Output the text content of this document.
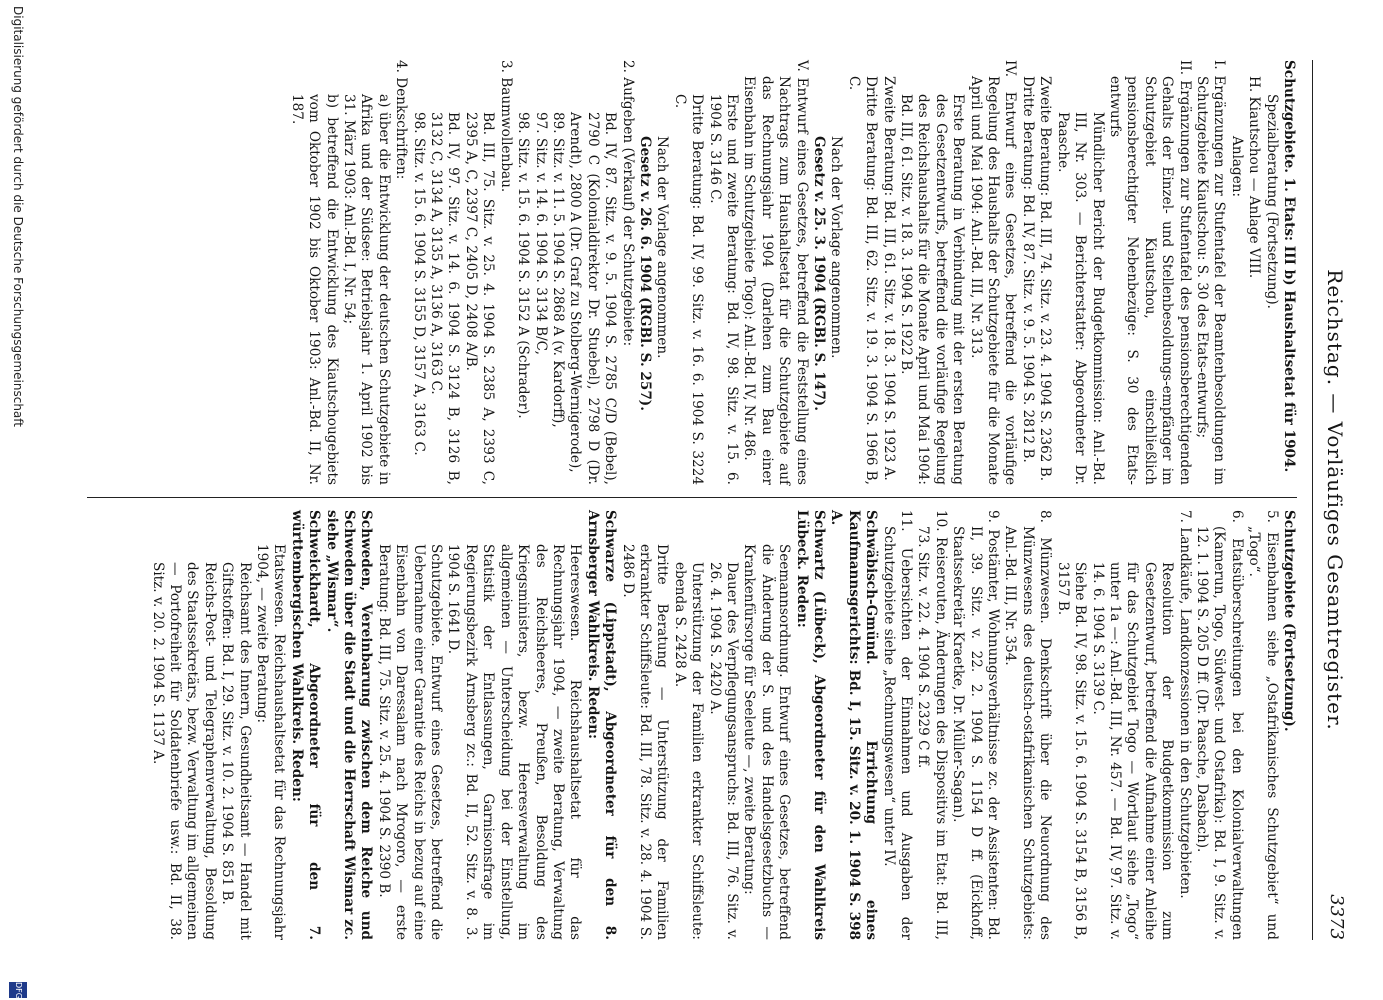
Reichstag. — Vorläufiges Gesamtregister.
3373

Schutzgebiete. 1. Etats: III b) Haushaltsetat für 1904.

Spezialberatung (Fortsetzung).

H. Kiautschou — Anlage VIII.

Anlagen:

I. Ergänzungen zur Stufentafel der Beamtenbesoldungen im Schutzgebiete Kiautschou: S. 30 des Etats-entwurfs;

II. Ergänzungen zur Stufentafel des pensionsberechtigenden Gehalts der Einzel- und Stellenbesoldungs-empfänger im Schutzgebiet Kiautschou, einschließlich pensionsberechtigter Nebenbezüge: S. 30 des Etats-entwurfs

Mündlicher Bericht der Budgetkommission: Anl.-Bd. III, Nr. 303. — Berichterstatter: Abgeordneter Dr. Paasche.

Zweite Beratung: Bd. III, 74. Sitz. v. 23. 4. 1904 S. 2362 B.

Dritte Beratung: Bd. IV, 87. Sitz. v. 9. 5. 1904 S. 2812 B.

IV. Entwurf eines Gesetzes, betreffend die vorläufige Regelung des Haushalts der Schutzgebiete für die Monate April und Mai 1904: Anl.-Bd. III, Nr. 313.

Erste Beratung in Verbindung mit der ersten Beratung des Gesetzentwurfs, betreffend die vorläufige Regelung des Reichshaushalts für die Monate April und Mai 1904: Bd. III, 61. Sitz. v. 18. 3. 1904 S. 1922 B.

Zweite Beratung: Bd. III, 61. Sitz. v. 18. 3. 1904 S. 1923 A.

Dritte Beratung: Bd. III, 62. Sitz. v. 19. 3. 1904 S. 1966 B, C.

Nach der Vorlage angenommen.

Gesetz v. 25. 3. 1904 (RGBl. S. 147).

V. Entwurf eines Gesetzes, betreffend die Feststellung eines Nachtrags zum Haushaltsetat für die Schutzgebiete auf das Rechnungsjahr 1904 (Darlehen zum Bau einer Eisenbahn im Schutzgebiete Togo): Anl.-Bd. IV, Nr. 486.

Erste und zweite Beratung: Bd. IV, 98. Sitz. v. 15. 6. 1904 S. 3146 C.

Dritte Beratung: Bd. IV, 99. Sitz. v. 16. 6. 1904 S. 3224 C.

Nach der Vorlage angenommen.

Gesetz v. 26. 6. 1904 (RGBl. S. 257).

2. Aufgeben (Verkauf) der Schutzgebiete:

Bd. IV, 87. Sitz. v. 9. 5. 1904 S. 2785 C/D (Bebel), 2790 C (Kolonialdirektor Dr. Stuebel), 2798 D (Dr. Arendt), 2800 A (Dr. Graf zu Stolberg-Wernigerode),

89. Sitz. v. 11. 5. 1904 S. 2868 A (v. Kardorff),

97. Sitz. v. 14. 6. 1904 S. 3134 B/C,

98. Sitz. v. 15. 6. 1904 S. 3152 A (Schrader).

3. Baumwollenbau.

Bd. III, 75. Sitz. v. 25. 4. 1904 S. 2385 A, 2393 C, 2395 A, C, 2397 C, 2405 D, 2408 A/B.

Bd. IV, 97. Sitz. v. 14. 6. 1904 S. 3124 B, 3126 B, 3132 C, 3134 A, 3135 A, 3136 A, 3163 C.

98. Sitz. v. 15. 6. 1904 S. 3155 D, 3157 A, 3163 C.

4. Denkschriften:

a) über die Entwicklung der deutschen Schutzgebiete in Afrika und der Südsee: Betriebsjahr 1. April 1902 bis 31. März 1903: Anl.-Bd. I, Nr. 54;

b) betreffend die Entwicklung des Kiautschougebiets vom Oktober 1902 bis Oktober 1903: Anl.-Bd. II, Nr. 187.

Schutzgebiete (Fortsetzung).

5. Eisenbahnen siehe „Ostafrikanisches Schutzgebiet“ und „Togo“.

6. Etatsüberschreitungen bei den Kolonialverwaltungen (Kamerun, Togo, Südwest- und Ostafrika): Bd. I, 9. Sitz. v. 12. 1. 1904 S. 205 D ff. (Dr. Paasche, Dasbach).

7. Landkäufe, Landkonzessionen in den Schutzgebieten.

Resolution der Budgetkommission zum Gesetzentwurf, betreffend die Aufnahme einer Anleihe für das Schutzgebiet Togo — Wortlaut siehe „Togo“ unter 1a —: Anl.-Bd. III, Nr. 457. — Bd. IV, 97. Sitz. v. 14. 6. 1904 S. 3139 C.

Siehe Bd. IV, 98. Sitz. v. 15. 6. 1904 S. 3154 B, 3156 B, 3157 B.

8. Münzwesen. Denkschrift über die Neuordnung des Münzwesens des deutsch-ostafrikanischen Schutzgebiets: Anl.-Bd. III, Nr. 354.

9. Postämter, Wohnungsverhältnisse zc. der Assistenten: Bd. II, 39. Sitz. v. 22. 2. 1904 S. 1154 D ff. (Eickhoff, Staatssekretär Kraetke, Dr. Müller-Sagan).

10. Reiserouten, Änderungen des Dispositivs im Etat: Bd. III, 73. Sitz. v. 22. 4. 1904 S. 2329 C ff.

11. Uebersichten der Einnahmen und Ausgaben der Schutzgebiete siehe „Rechnungswesen“ unter IV.

Schwäbisch-Gmünd. Errichtung eines Kaufmannsgerichts: Bd. I, 15. Sitz. v. 20. 1. 1904 S. 398 A.

Schwartz (Lübeck), Abgeordneter für den Wahlkreis Lübeck. Reden:

Seemannsordnung. Entwurf eines Gesetzes, betreffend die Änderung der S. und des Handelsgesetzbuchs — Krankenfürsorge für Seeleute —, zweite Beratung:

Dauer des Verpflegungsanspruchs: Bd. III, 76. Sitz. v. 26. 4. 1904 S. 2420 A.

Unterstützung der Familien erkrankter Schiffsleute: ebenda S. 2428 A.

Dritte Beratung — Unterstützung der Familien erkrankter Schiffsleute: Bd. III, 78. Sitz. v. 28. 4. 1904 S. 2486 D.

Schwarze (Lippstadt), Abgeordneter für den 8. Arnsberger Wahlkreis. Reden:

Heereswesen. Reichshaushaltsetat für das Rechnungsjahr 1904, — zweite Beratung, Verwaltung des Reichsheeres, Preußen, Besoldung des Kriegsministers, bezw. Heeresverwaltung im allgemeinen — Unterscheidung bei der Einstellung, Statistik der Entlassungen, Garnisonsfrage im Regierungsbezirk Arnsberg zc.: Bd. II, 52. Sitz. v. 8. 3. 1904 S. 1641 D.

Schutzgebiete. Entwurf eines Gesetzes, betreffend die Uebernahme einer Garantie des Reichs in bezug auf eine Eisenbahn von Daressalam nach Mrogoro, — erste Beratung: Bd. III, 75. Sitz. v. 25. 4. 1904 S. 2390 B.

Schweden, Vereinbarung zwischen dem Reiche und Schweden über die Stadt und die Herrschaft Wismar zc. siehe „Wismar“.

Schweickhardt, Abgeordneter für den 7. württembergischen Wahlkreis. Reden:

Etatswesen. Reichshaushaltsetat für das Rechnungsjahr 1904, — zweite Beratung:

Reichsamt des Innern, Gesundheitsamt — Handel mit Giftstoffen: Bd. I, 29. Sitz. v. 10. 2. 1904 S. 851 B.

Reichs-Post- und Telegraphenverwaltung, Besoldung des Staatssekretärs, bezw. Verwaltung im allgemeinen — Portofreiheit für Soldatenbriefe usw.: Bd. II, 38. Sitz. v. 20. 2. 1904 S. 1137 A.

Digitalisierung gefördert durch die Deutsche Forschungsgemeinschaft
DFG
